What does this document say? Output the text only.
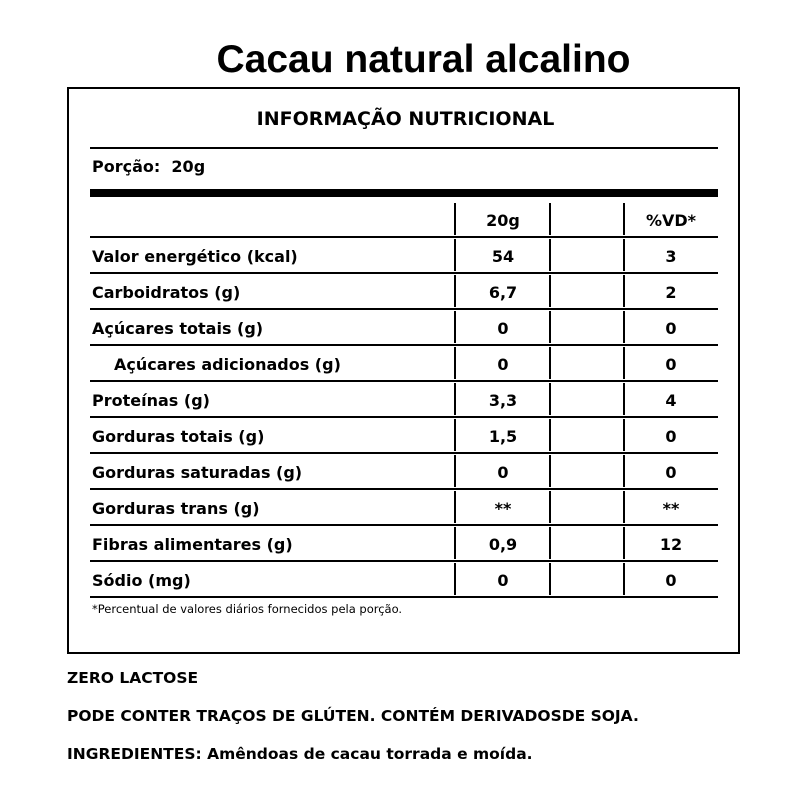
Cacau natural alcalino
INFORMAÇÃO NUTRICIONAL
Porção: 20g
20g	%VD*
Valor energético (kcal)	54	3
Carboidratos (g)	6,7	2
Açúcares totais (g)	0	0
Açúcares adicionados (g)	0	0
Proteínas (g)	3,3	4
Gorduras totais (g)	1,5	0
Gorduras saturadas (g)	0	0
Gorduras trans (g)	**	**
Fibras alimentares (g)	0,9	12
Sódio (mg)	0	0
*Percentual de valores diários fornecidos pela porção.
ZERO LACTOSE
PODE CONTER TRAÇOS DE GLÚTEN. CONTÉM DERIVADOSDE SOJA.
INGREDIENTES: Amêndoas de cacau torrada e moída.
